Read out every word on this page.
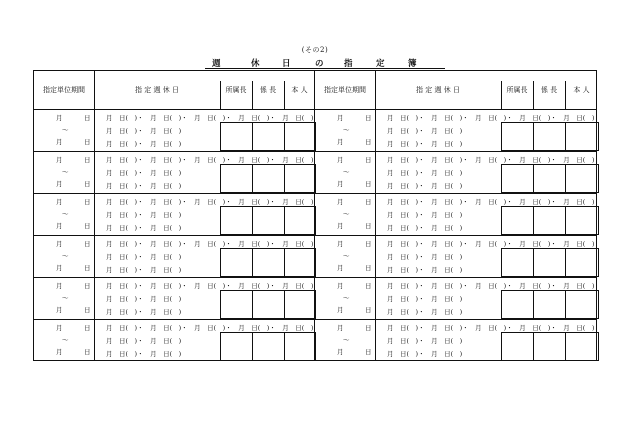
(その2)
週	休	日	の 指	定	簿
指定単位期間	指 定 週 休 日	所属長	係 長	本 人
月	日
〜
月	日
月　日(　)・　月　日(　)・　月　日(　)・　月　日(　)・　月　日(　)
月　日(　)・　月　日(　)
月　日(　)・　月　日(　)
月	日
〜
月	日
月　日(　)・　月　日(　)・　月　日(　)・　月　日(　)・　月　日(　)
月　日(　)・　月　日(　)
月　日(　)・　月　日(　)
月	日
〜
月	日
月　日(　)・　月　日(　)・　月　日(　)・　月　日(　)・　月　日(　)
月　日(　)・　月　日(　)
月　日(　)・　月　日(　)
月	日
〜
月	日
月　日(　)・　月　日(　)・　月　日(　)・　月　日(　)・　月　日(　)
月　日(　)・　月　日(　)
月　日(　)・　月　日(　)
月	日
〜
月	日
月　日(　)・　月　日(　)・　月　日(　)・　月　日(　)・　月　日(　)
月　日(　)・　月　日(　)
月　日(　)・　月　日(　)
月	日
〜
月	日
月　日(　)・　月　日(　)・　月　日(　)・　月　日(　)・　月　日(　)
月　日(　)・　月　日(　)
月　日(　)・　月　日(　)
指定単位期間	指 定 週 休 日	所属長	係 長	本 人
月	日
〜
月	日
月　日(　)・　月　日(　)・　月　日(　)・　月　日(　)・　月　日(　)
月　日(　)・　月　日(　)
月　日(　)・　月　日(　)
月	日
〜
月	日
月　日(　)・　月　日(　)・　月　日(　)・　月　日(　)・　月　日(　)
月　日(　)・　月　日(　)
月　日(　)・　月　日(　)
月	日
〜
月	日
月　日(　)・　月　日(　)・　月　日(　)・　月　日(　)・　月　日(　)
月　日(　)・　月　日(　)
月　日(　)・　月　日(　)
月	日
〜
月	日
月　日(　)・　月　日(　)・　月　日(　)・　月　日(　)・　月　日(　)
月　日(　)・　月　日(　)
月　日(　)・　月　日(　)
月	日
〜
月	日
月　日(　)・　月　日(　)・　月　日(　)・　月　日(　)・　月　日(　)
月　日(　)・　月　日(　)
月　日(　)・　月　日(　)
月	日
〜
月	日
月　日(　)・　月　日(　)・　月　日(　)・　月　日(　)・　月　日(　)
月　日(　)・　月　日(　)
月　日(　)・　月　日(　)
